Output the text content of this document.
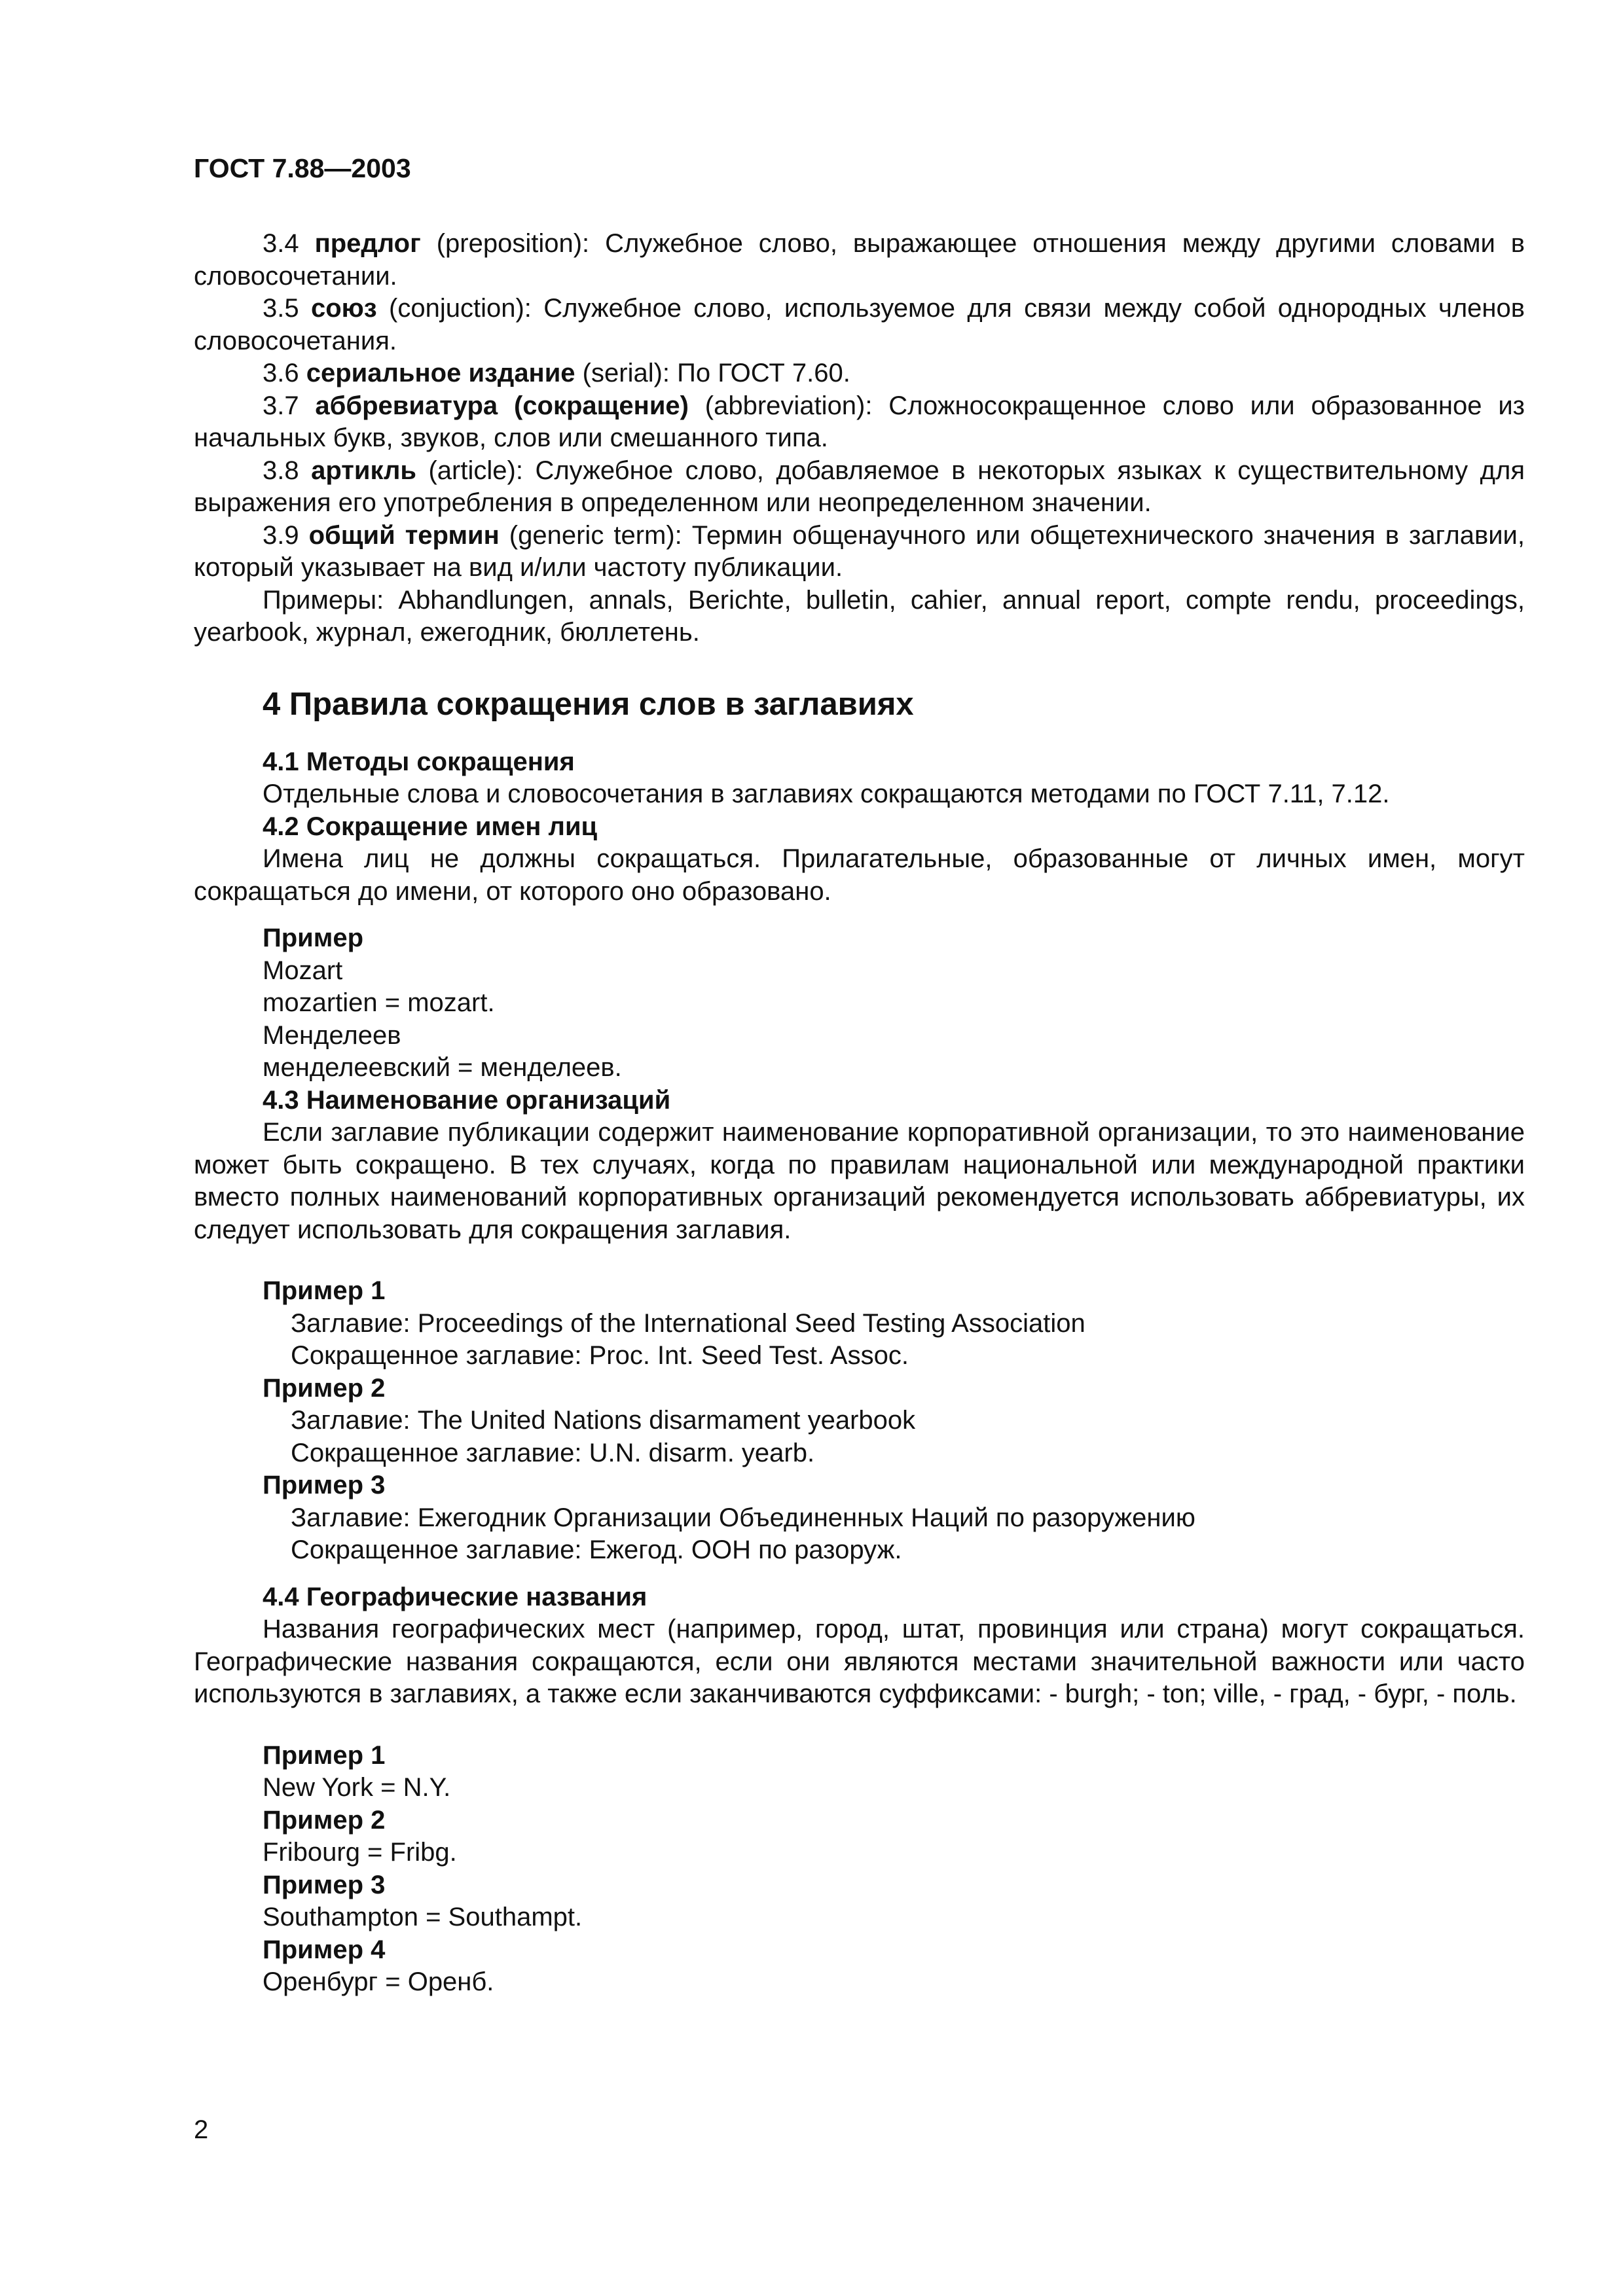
ГОСТ 7.88—2003

3.4 предлог (preposition): Служебное слово, выражающее отношения между другими словами в словосочетании.

3.5 союз (conjuction): Служебное слово, используемое для связи между собой однородных членов словосочетания.

3.6 сериальное издание (serial): По ГОСТ 7.60.

3.7 аббревиатура (сокращение) (abbreviation): Сложносокращенное слово или образованное из начальных букв, звуков, слов или смешанного типа.

3.8 артикль (article): Служебное слово, добавляемое в некоторых языках к существительному для выражения его употребления в определенном или неопределенном значении.

3.9 общий термин (generic term): Термин общенаучного или общетехнического значения в заглавии, который указывает на вид и/или частоту публикации.

Примеры: Abhandlungen, annals, Berichte, bulletin, cahier, annual report, compte rendu, proceedings, yearbook, журнал, ежегодник, бюллетень.

4 Правила сокращения слов в заглавиях

4.1 Методы сокращения

Отдельные слова и словосочетания в заглавиях сокращаются методами по ГОСТ 7.11, 7.12.

4.2 Сокращение имен лиц

Имена лиц не должны сокращаться. Прилагательные, образованные от личных имен, могут сокращаться до имени, от которого оно образовано.

Пример

Mozart

mozartien = mozart.

Менделеев

менделеевский = менделеев.

4.3 Наименование организаций

Если заглавие публикации содержит наименование корпоративной организации, то это наименование может быть сокращено. В тех случаях, когда по правилам национальной или международной практики вместо полных наименований корпоративных организаций рекомендуется использовать аббревиатуры, их следует использовать для сокращения заглавия.

Пример 1

Заглавие: Proceedings of the International Seed Testing Association

Сокращенное заглавие: Proc. Int. Seed Test. Assoc.

Пример 2

Заглавие: The United Nations disarmament yearbook

Сокращенное заглавие: U.N. disarm. yearb.

Пример 3

Заглавие: Ежегодник Организации Объединенных Наций по разоружению

Сокращенное заглавие: Ежегод. ООН по разоруж.

4.4 Географические названия

Названия географических мест (например, город, штат, провинция или страна) могут сокращаться. Географические названия сокращаются, если они являются местами значительной важности или часто используются в заглавиях, а также если заканчиваются суффиксами: - burgh; - ton; ville, - град, - бург, - поль.

Пример 1

New York = N.Y.

Пример 2

Fribourg = Fribg.

Пример 3

Southampton = Southampt.

Пример 4

Оренбург = Оренб.

2
